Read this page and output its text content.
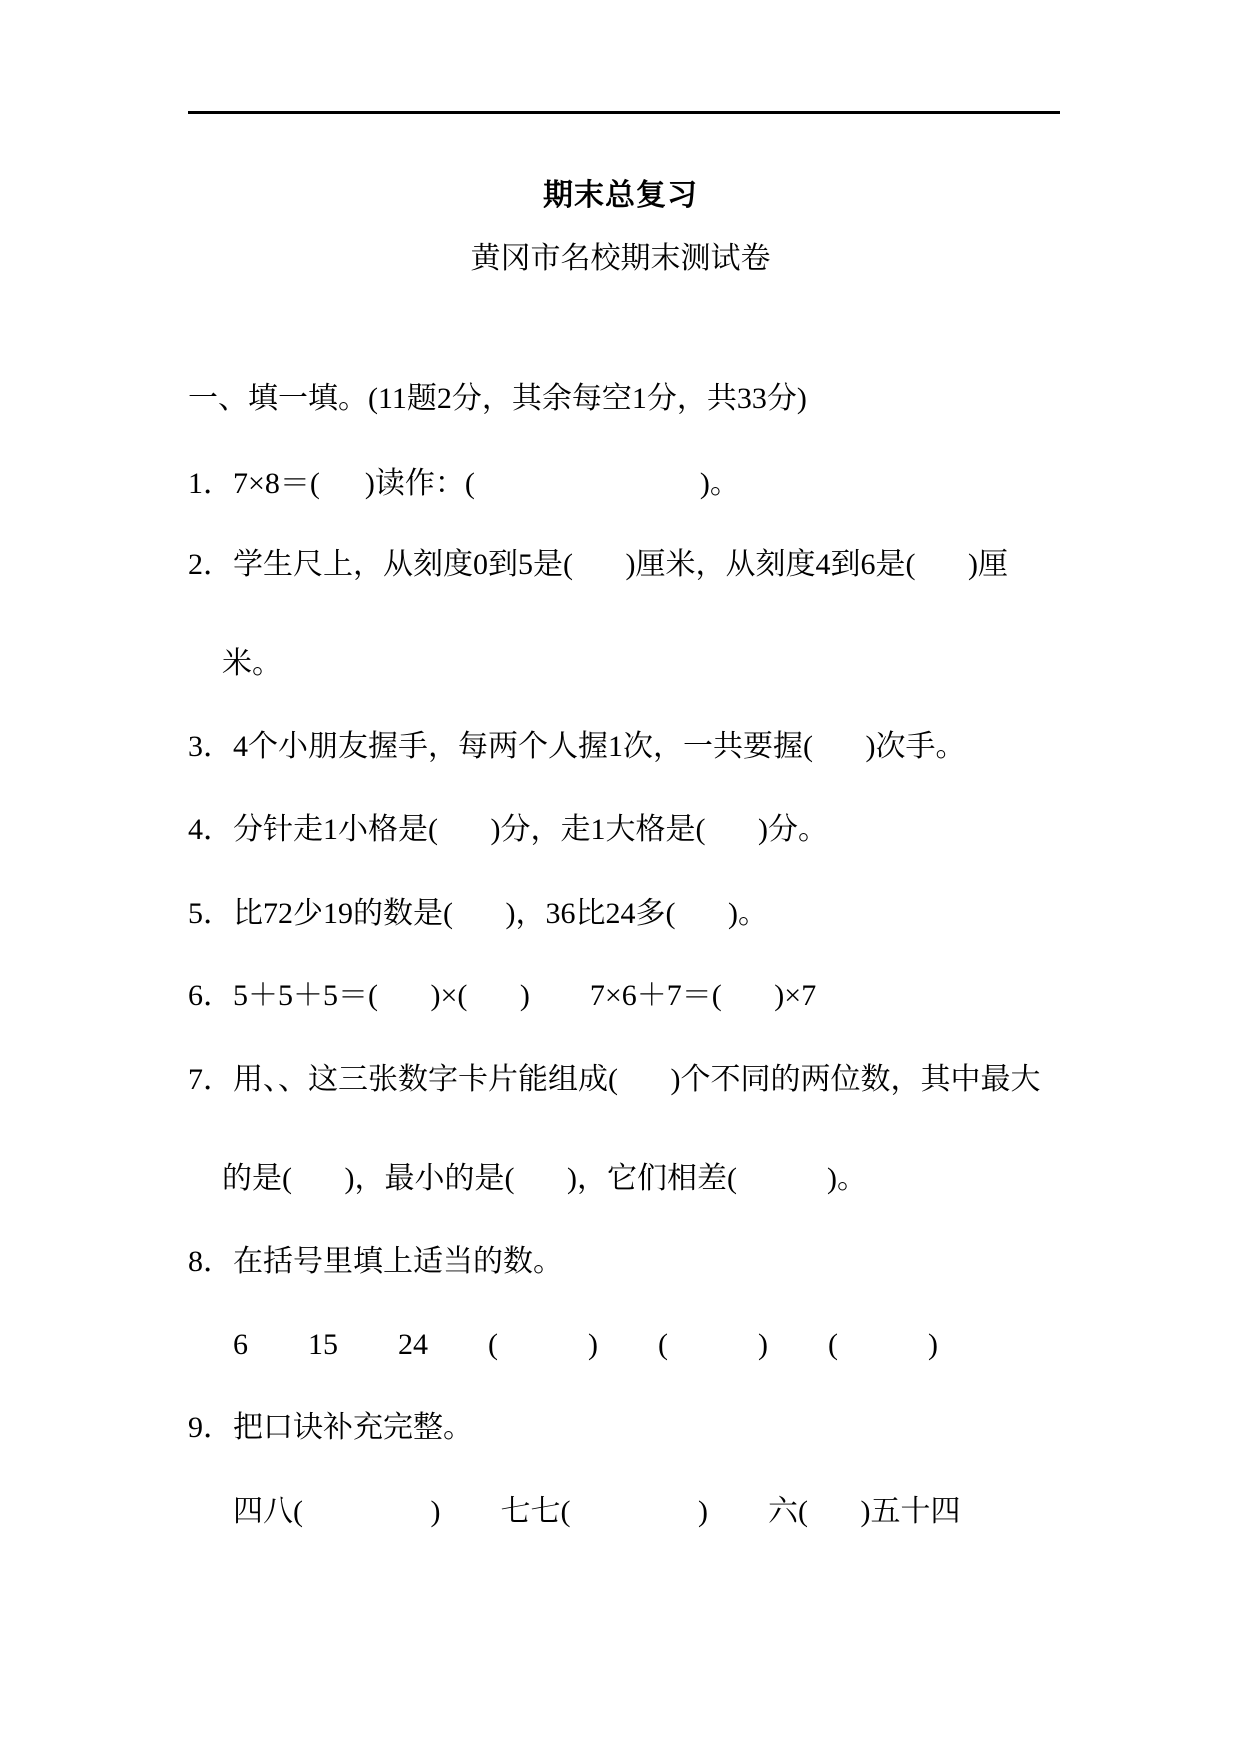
期末总复习
黄冈市名校期末测试卷
一、填一填。(11题2分，其余每空1分，共33分)
1．7×8＝(      )读作：(                              )。
2．学生尺上，从刻度0到5是(       )厘米，从刻度4到6是(       )厘
米。
3．4个小朋友握手，每两个人握1次，一共要握(       )次手。
4．分针走1小格是(       )分，走1大格是(       )分。
5．比72少19的数是(       )，36比24多(       )。
6．5＋5＋5＝(       )×(       )        7×6＋7＝(       )×7
7．用、、这三张数字卡片能组成(       )个不同的两位数，其中最大
的是(       )，最小的是(       )，它们相差(            )。
8．在括号里填上适当的数。
6        15        24        (            )        (            )        (            )
9．把口诀补充完整。
四八(                 )        七七(                 )        六(       )五十四
